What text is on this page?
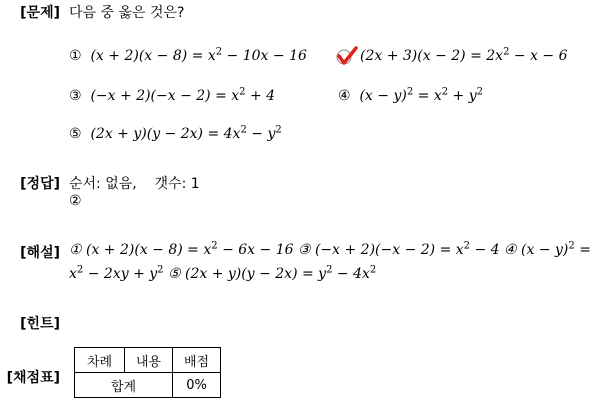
[문제]
[정답]
[해설]
[힌트]
[채점표]
다음 중 옳은 것은?
① $(x + 2)(x - 8) = x^2 - 10x - 16$	$(2x + 3)(x - 2) = 2x^2 - x - 6$
③ $(-x + 2)(-x - 2) = x^2 + 4$	④ $(x - y)^2 = x^2 + y^2$
⑤ $(2x + y)(y - 2x) = 4x^2 - y^2$
순서: 없음, 갯수: 1
②
① $(x + 2)(x - 8) = x^2 - 6x - 16$ ③ $(-x + 2)(-x - 2) = x^2 - 4$ ④ $(x - y)^2$ =
$x^2 - 2xy + y^2$ ⑤ $(2x + y)(y - 2x) = y^2 - 4x^2$
차례	내용	배점
합계		0%
